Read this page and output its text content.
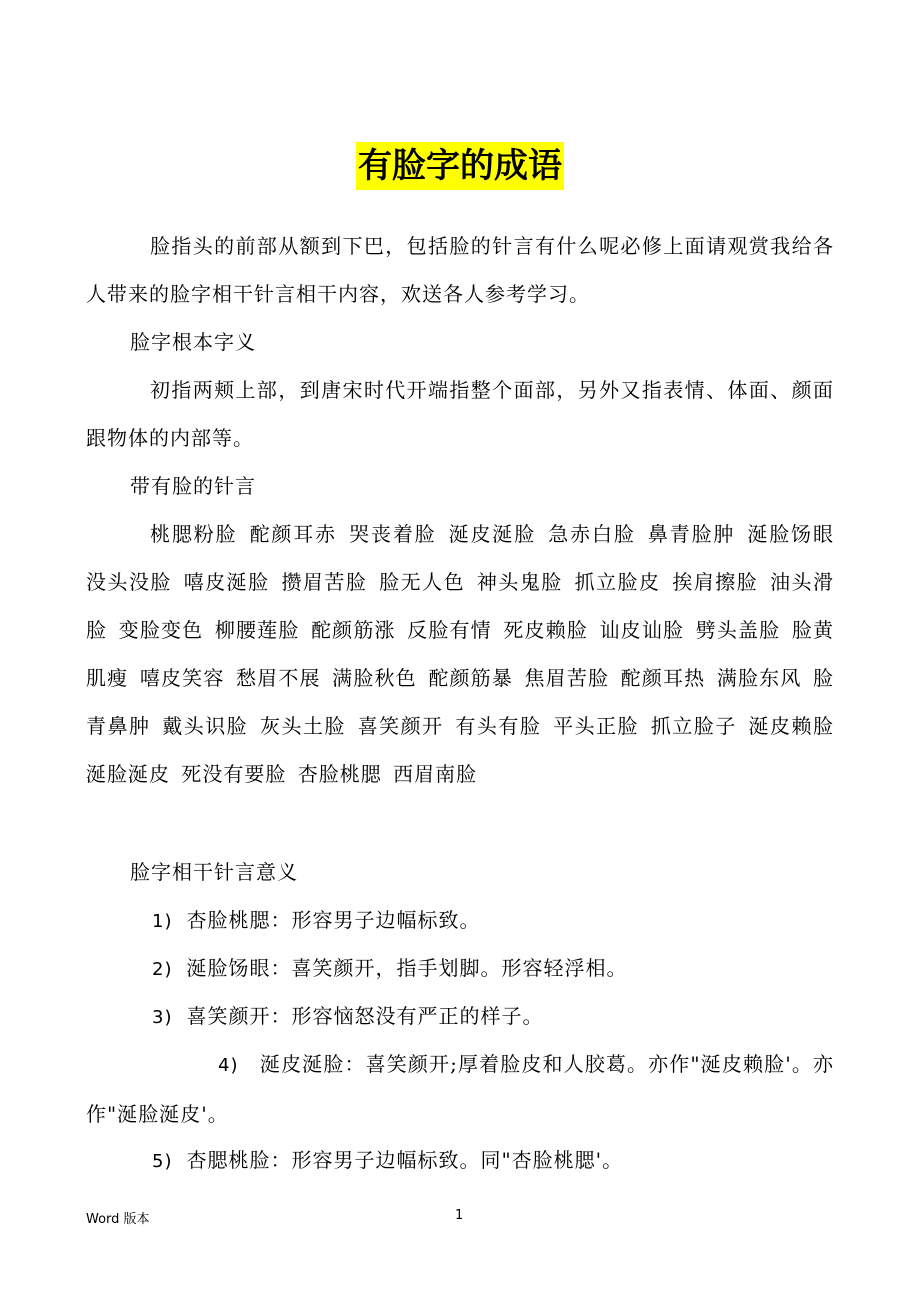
有脸字的成语

脸指头的前部从额到下巴，包括脸的针言有什么呢必修上面请观赏我给各人带来的脸字相干针言相干内容，欢送各人参考学习。

脸字根本字义

初指两颊上部，到唐宋时代开端指整个面部，另外又指表情、体面、颜面跟物体的内部等。

带有脸的针言

桃腮粉脸 酡颜耳赤 哭丧着脸 涎皮涎脸 急赤白脸 鼻青脸肿 涎脸饧眼 没头没脸 嘻皮涎脸 攒眉苦脸 脸无人色 神头鬼脸 抓立脸皮 挨肩擦脸 油头滑脸 变脸变色 柳腰莲脸 酡颜筋涨 反脸有情 死皮赖脸 讪皮讪脸 劈头盖脸 脸黄肌瘦 嘻皮笑容 愁眉不展 满脸秋色 酡颜筋暴 焦眉苦脸 酡颜耳热 满脸东风 脸青鼻肿 戴头识脸 灰头土脸 喜笑颜开 有头有脸 平头正脸 抓立脸子 涎皮赖脸 涎脸涎皮 死没有要脸 杏脸桃腮 西眉南脸

脸字相干针言意义
1) 杏脸桃腮：形容男子边幅标致。
2) 涎脸饧眼：喜笑颜开，指手划脚。形容轻浮相。
3) 喜笑颜开：形容恼怒没有严正的样子。
4) 涎皮涎脸：喜笑颜开;厚着脸皮和人胶葛。亦作"涎皮赖脸'。亦作"涎脸涎皮'。
5) 杏腮桃脸：形容男子边幅标致。同"杏脸桃腮'。
Word 版本	1
